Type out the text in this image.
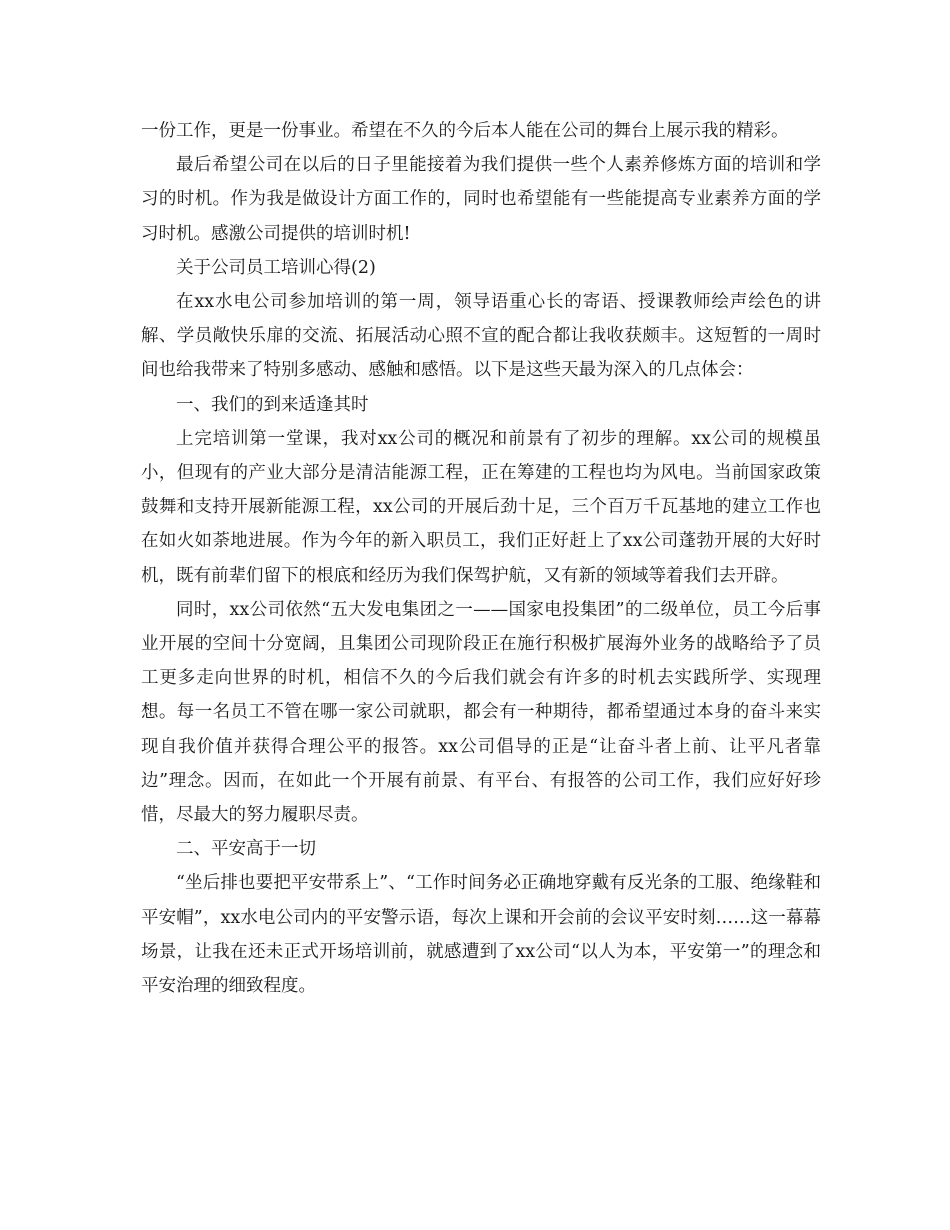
一份工作，更是一份事业。希望在不久的今后本人能在公司的舞台上展示我的精彩。

最后希望公司在以后的日子里能接着为我们提供一些个人素养修炼方面的培训和学习的时机。作为我是做设计方面工作的，同时也希望能有一些能提高专业素养方面的学习时机。感激公司提供的培训时机!

关于公司员工培训心得(2)

在xx水电公司参加培训的第一周，领导语重心长的寄语、授课教师绘声绘色的讲解、学员敞快乐扉的交流、拓展活动心照不宣的配合都让我收获颇丰。这短暂的一周时间也给我带来了特别多感动、感触和感悟。以下是这些天最为深入的几点体会：

一、我们的到来适逢其时

上完培训第一堂课，我对xx公司的概况和前景有了初步的理解。xx公司的规模虽小，但现有的产业大部分是清洁能源工程，正在筹建的工程也均为风电。当前国家政策鼓舞和支持开展新能源工程，xx公司的开展后劲十足，三个百万千瓦基地的建立工作也在如火如荼地进展。作为今年的新入职员工，我们正好赶上了xx公司蓬勃开展的大好时机，既有前辈们留下的根底和经历为我们保驾护航，又有新的领域等着我们去开辟。

同时，xx公司依然“五大发电集团之一——国家电投集团”的二级单位，员工今后事业开展的空间十分宽阔，且集团公司现阶段正在施行积极扩展海外业务的战略给予了员工更多走向世界的时机，相信不久的今后我们就会有许多的时机去实践所学、实现理想。每一名员工不管在哪一家公司就职，都会有一种期待，都希望通过本身的奋斗来实现自我价值并获得合理公平的报答。xx公司倡导的正是“让奋斗者上前、让平凡者靠边”理念。因而，在如此一个开展有前景、有平台、有报答的公司工作，我们应好好珍惜，尽最大的努力履职尽责。

二、平安高于一切

“坐后排也要把平安带系上”、“工作时间务必正确地穿戴有反光条的工服、绝缘鞋和平安帽”，xx水电公司内的平安警示语，每次上课和开会前的会议平安时刻……这一幕幕场景，让我在还未正式开场培训前，就感遭到了xx公司“以人为本，平安第一”的理念和平安治理的细致程度。
